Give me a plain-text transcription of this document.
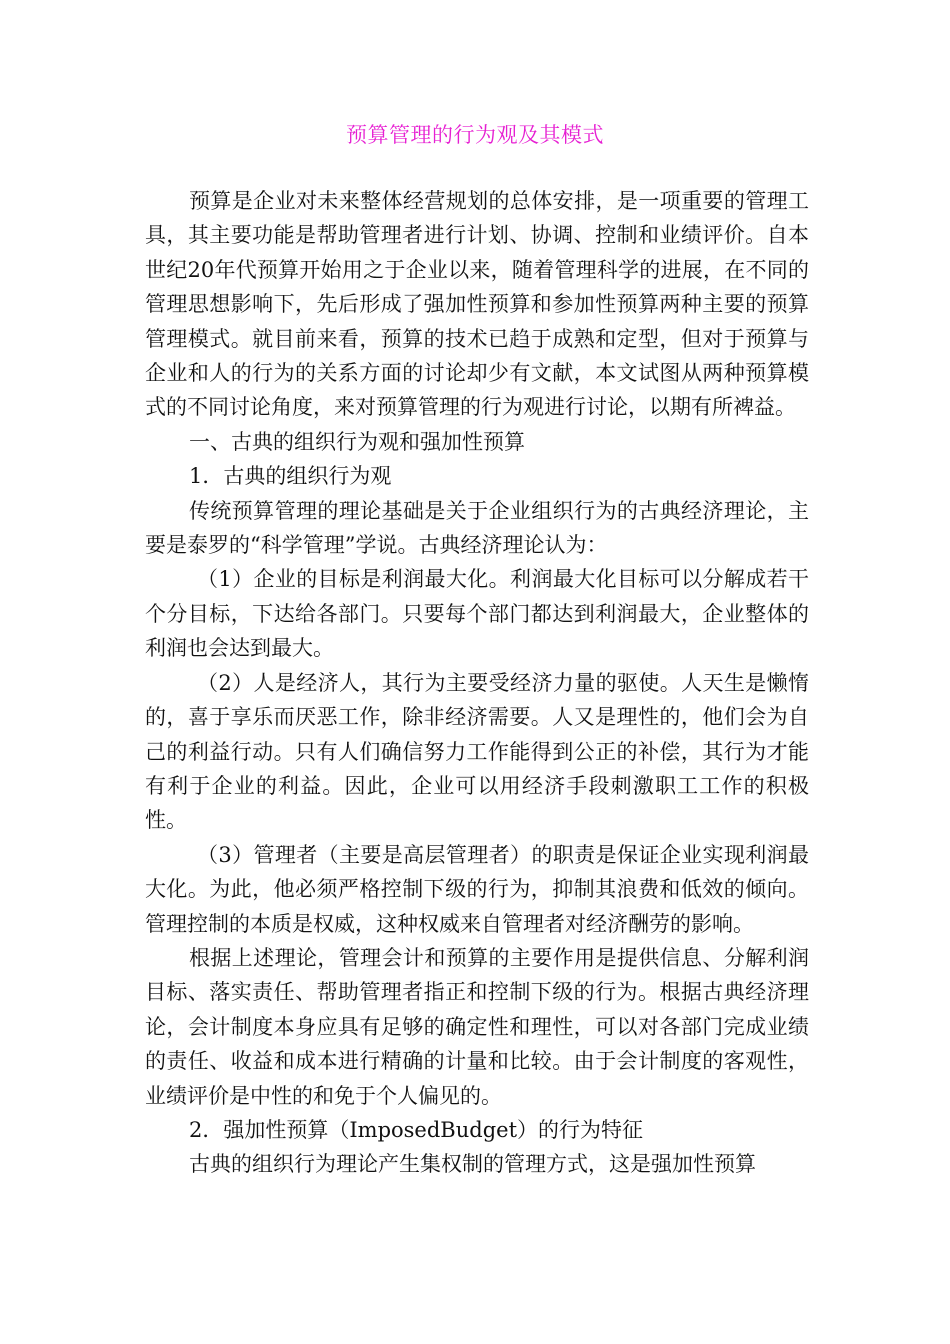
预算管理的行为观及其模式

预算是企业对未来整体经营规划的总体安排，是一项重要的管理工具，其主要功能是帮助管理者进行计划、协调、控制和业绩评价。自本世纪20年代预算开始用之于企业以来，随着管理科学的进展，在不同的管理思想影响下，先后形成了强加性预算和参加性预算两种主要的预算管理模式。就目前来看，预算的技术已趋于成熟和定型，但对于预算与企业和人的行为的关系方面的讨论却少有文献，本文试图从两种预算模式的不同讨论角度，来对预算管理的行为观进行讨论，以期有所裨益。

一、古典的组织行为观和强加性预算

1．古典的组织行为观

传统预算管理的理论基础是关于企业组织行为的古典经济理论，主要是泰罗的“科学管理”学说。古典经济理论认为：

（1）企业的目标是利润最大化。利润最大化目标可以分解成若干个分目标，下达给各部门。只要每个部门都达到利润最大，企业整体的利润也会达到最大。

（2）人是经济人，其行为主要受经济力量的驱使。人天生是懒惰的，喜于享乐而厌恶工作，除非经济需要。人又是理性的，他们会为自己的利益行动。只有人们确信努力工作能得到公正的补偿，其行为才能有利于企业的利益。因此，企业可以用经济手段刺激职工工作的积极性。

（3）管理者（主要是高层管理者）的职责是保证企业实现利润最大化。为此，他必须严格控制下级的行为，抑制其浪费和低效的倾向。管理控制的本质是权威，这种权威来自管理者对经济酬劳的影响。

根据上述理论，管理会计和预算的主要作用是提供信息、分解利润目标、落实责任、帮助管理者指正和控制下级的行为。根据古典经济理论，会计制度本身应具有足够的确定性和理性，可以对各部门完成业绩的责任、收益和成本进行精确的计量和比较。由于会计制度的客观性，业绩评价是中性的和免于个人偏见的。

2．强加性预算（ImposedBudget）的行为特征

古典的组织行为理论产生集权制的管理方式，这是强加性预算
